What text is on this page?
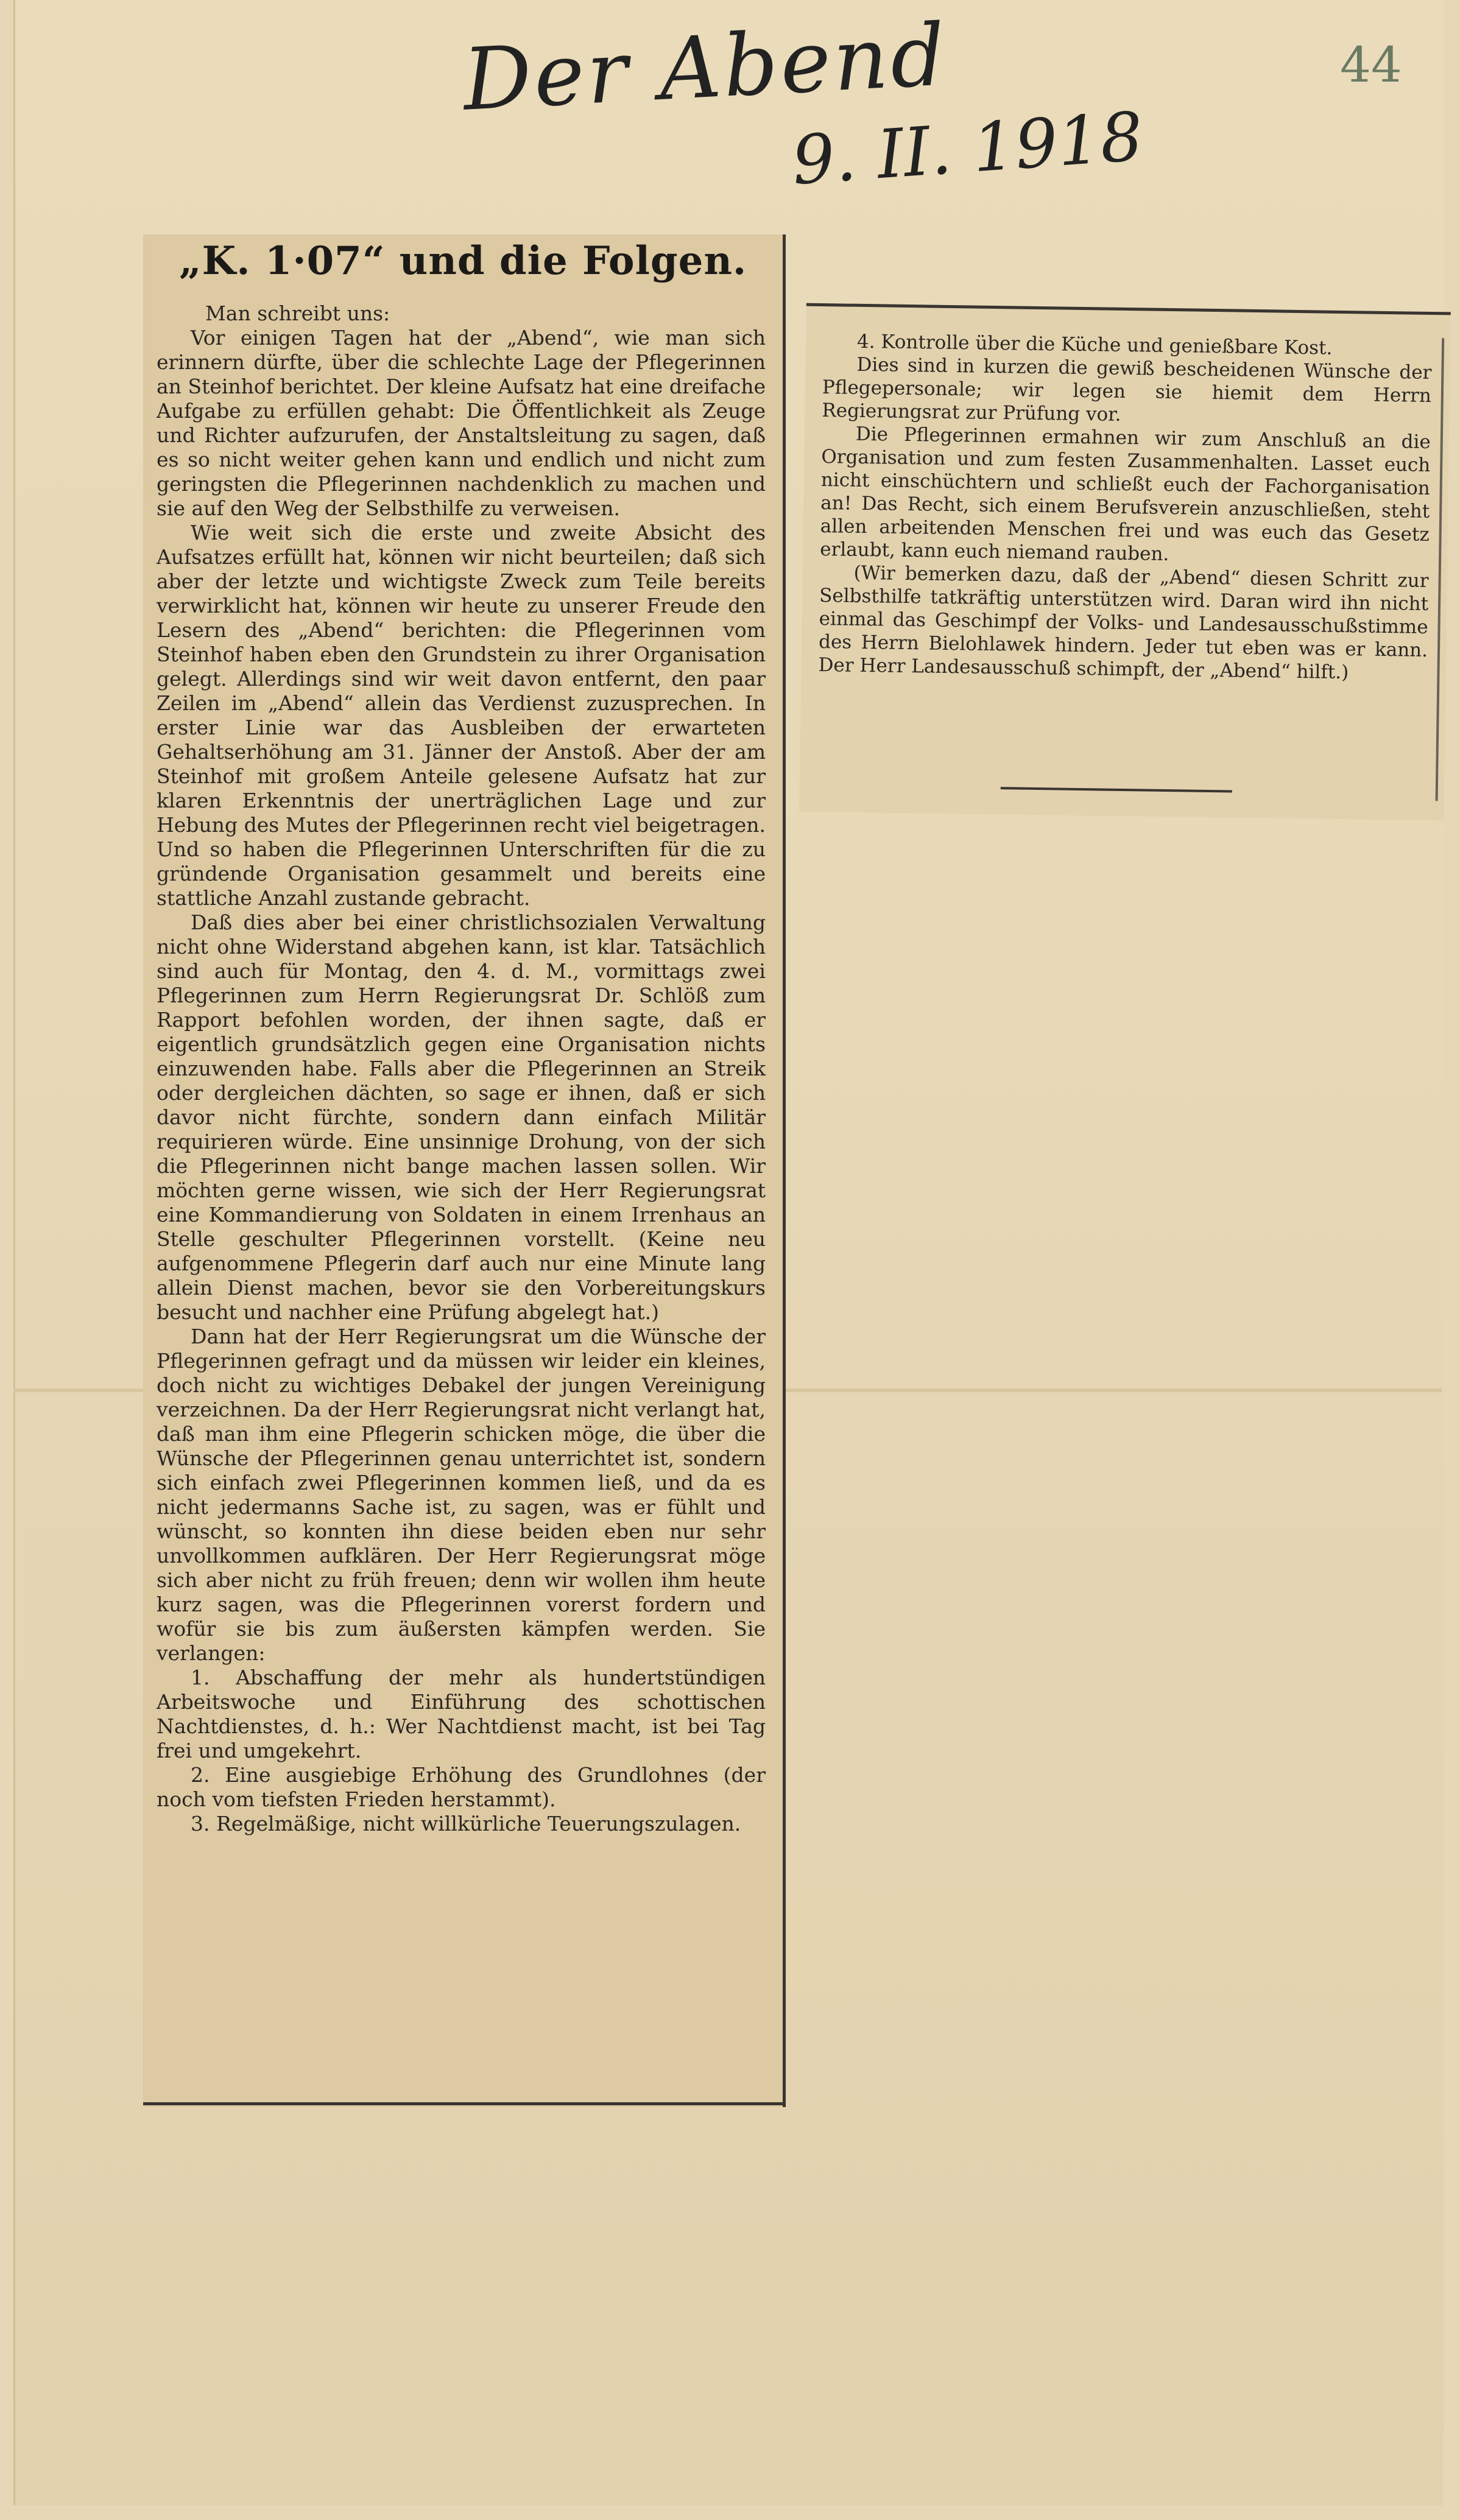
Der Abend
9. II. 1918
44
„K. 1·07“ und die Folgen.

Man schreibt uns:

Vor einigen Tagen hat der „Abend“, wie man sich erinnern dürfte, über die schlechte Lage der Pflegerinnen an Steinhof berichtet. Der kleine Aufsatz hat eine dreifache Aufgabe zu erfüllen gehabt: Die Öffentlichkeit als Zeuge und Richter aufzurufen, der Anstaltsleitung zu sagen, daß es so nicht weiter gehen kann und endlich und nicht zum geringsten die Pflegerinnen nachdenklich zu machen und sie auf den Weg der Selbsthilfe zu verweisen.

Wie weit sich die erste und zweite Absicht des Aufsatzes erfüllt hat, können wir nicht beurteilen; daß sich aber der letzte und wichtigste Zweck zum Teile bereits verwirklicht hat, können wir heute zu unserer Freude den Lesern des „Abend“ berichten: die Pflegerinnen vom Steinhof haben eben den Grundstein zu ihrer Organisation gelegt. Allerdings sind wir weit davon entfernt, den paar Zeilen im „Abend“ allein das Verdienst zuzusprechen. In erster Linie war das Ausbleiben der erwarteten Gehaltserhöhung am 31. Jänner der Anstoß. Aber der am Steinhof mit großem Anteile gelesene Aufsatz hat zur klaren Erkenntnis der unerträglichen Lage und zur Hebung des Mutes der Pflegerinnen recht viel beigetragen. Und so haben die Pflegerinnen Unterschriften für die zu gründende Organisation gesammelt und bereits eine stattliche Anzahl zustande gebracht.

Daß dies aber bei einer christlichsozialen Verwaltung nicht ohne Widerstand abgehen kann, ist klar. Tatsächlich sind auch für Montag, den 4. d. M., vormittags zwei Pflegerinnen zum Herrn Regierungsrat Dr. Schlöß zum Rapport befohlen worden, der ihnen sagte, daß er eigentlich grundsätzlich gegen eine Organisation nichts einzuwenden habe. Falls aber die Pflegerinnen an Streik oder dergleichen dächten, so sage er ihnen, daß er sich davor nicht fürchte, sondern dann einfach Militär requirieren würde. Eine unsinnige Drohung, von der sich die Pflegerinnen nicht bange machen lassen sollen. Wir möchten gerne wissen, wie sich der Herr Regierungsrat eine Kommandierung von Soldaten in einem Irrenhaus an Stelle geschulter Pflegerinnen vorstellt. (Keine neu aufgenommene Pflegerin darf auch nur eine Minute lang allein Dienst machen, bevor sie den Vorbereitungskurs besucht und nachher eine Prüfung abgelegt hat.)

Dann hat der Herr Regierungsrat um die Wünsche der Pflegerinnen gefragt und da müssen wir leider ein kleines, doch nicht zu wichtiges Debakel der jungen Vereinigung verzeichnen. Da der Herr Regierungsrat nicht verlangt hat, daß man ihm eine Pflegerin schicken möge, die über die Wünsche der Pflegerinnen genau unterrichtet ist, sondern sich einfach zwei Pflegerinnen kommen ließ, und da es nicht jedermanns Sache ist, zu sagen, was er fühlt und wünscht, so konnten ihn diese beiden eben nur sehr unvollkommen aufklären. Der Herr Regierungsrat möge sich aber nicht zu früh freuen; denn wir wollen ihm heute kurz sagen, was die Pflegerinnen vorerst fordern und wofür sie bis zum äußersten kämpfen werden. Sie verlangen:

1. Abschaffung der mehr als hundertstündigen Arbeitswoche und Einführung des schottischen Nachtdienstes, d. h.: Wer Nachtdienst macht, ist bei Tag frei und umgekehrt.

2. Eine ausgiebige Erhöhung des Grundlohnes (der noch vom tiefsten Frieden herstammt).

3. Regelmäßige, nicht willkürliche Teuerungszulagen.

4. Kontrolle über die Küche und genießbare Kost.

Dies sind in kurzen die gewiß bescheidenen Wünsche der Pflegepersonale; wir legen sie hiemit dem Herrn Regierungsrat zur Prüfung vor.

Die Pflegerinnen ermahnen wir zum Anschluß an die Organisation und zum festen Zusammenhalten. Lasset euch nicht einschüchtern und schließt euch der Fachorganisation an! Das Recht, sich einem Berufsverein anzuschließen, steht allen arbeitenden Menschen frei und was euch das Gesetz erlaubt, kann euch niemand rauben.

(Wir bemerken dazu, daß der „Abend“ diesen Schritt zur Selbsthilfe tatkräftig unterstützen wird. Daran wird ihn nicht einmal das Geschimpf der Volks- und Landesausschußstimme des Herrn Bielohlawek hindern. Jeder tut eben was er kann. Der Herr Landesausschuß schimpft, der „Abend“ hilft.)
